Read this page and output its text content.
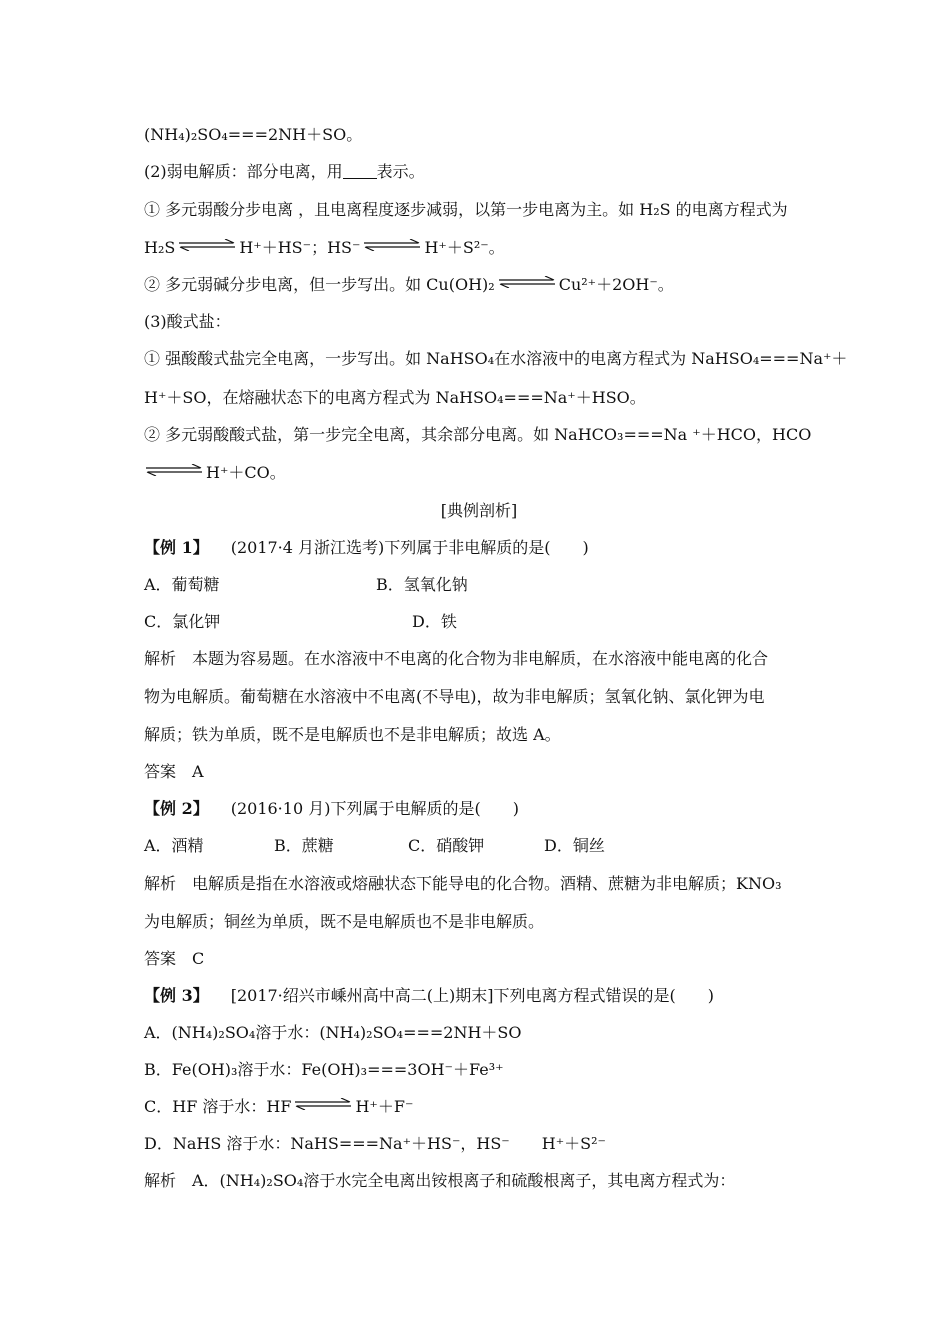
(NH₄)₂SO₄===2NH＋SO。
(2)弱电解质：部分电离，用 表示。
① 多元弱酸分步电离 ，且电离程度逐步减弱，以第一步电离为主。如 H₂S 的电离方程式为
H₂S ⇌ H⁺＋HS⁻；HS⁻ ⇌ H⁺＋S²⁻。
② 多元弱碱分步电离，但一步写出。如 Cu(OH)₂ ⇌ Cu²⁺＋2OH⁻。
(3)酸式盐：
① 强酸酸式盐完全电离，一步写出。如 NaHSO₄在水溶液中的电离方程式为 NaHSO₄===Na⁺＋
H⁺＋SO，在熔融状态下的电离方程式为 NaHSO₄===Na⁺＋HSO。
② 多元弱酸酸式盐，第一步完全电离，其余部分电离。如 NaHCO₃===Na ⁺＋HCO，HCO
⇌ H⁺＋CO。
[典例剖析]
【例 1】 (2017·4 月浙江选考)下列属于非电解质的是(　　)
A．葡萄糖	B．氢氧化钠
C．氯化钾	D．铁
解析　本题为容易题。在水溶液中不电离的化合物为非电解质，在水溶液中能电离的化合
物为电解质。葡萄糖在水溶液中不电离(不导电)，故为非电解质；氢氧化钠、氯化钾为电
解质；铁为单质，既不是电解质也不是非电解质；故选 A。
答案　A
【例 2】 (2016·10 月)下列属于电解质的是(　　)
A．酒精	B．蔗糖	C．硝酸钾	D．铜丝
解析　电解质是指在水溶液或熔融状态下能导电的化合物。酒精、蔗糖为非电解质；KNO₃
为电解质；铜丝为单质，既不是电解质也不是非电解质。
答案　C
【例 3】 [2017·绍兴市嵊州高中高二(上)期末]下列电离方程式错误的是(　　)
A．(NH₄)₂SO₄溶于水：(NH₄)₂SO₄===2NH＋SO
B．Fe(OH)₃溶于水：Fe(OH)₃===3OH⁻＋Fe³⁺
C．HF 溶于水：HF ⇌ H⁺＋F⁻
D．NaHS 溶于水：NaHS===Na⁺＋HS⁻，HS⁻　　H⁺＋S²⁻
解析　A．(NH₄)₂SO₄溶于水完全电离出铵根离子和硫酸根离子，其电离方程式为：
